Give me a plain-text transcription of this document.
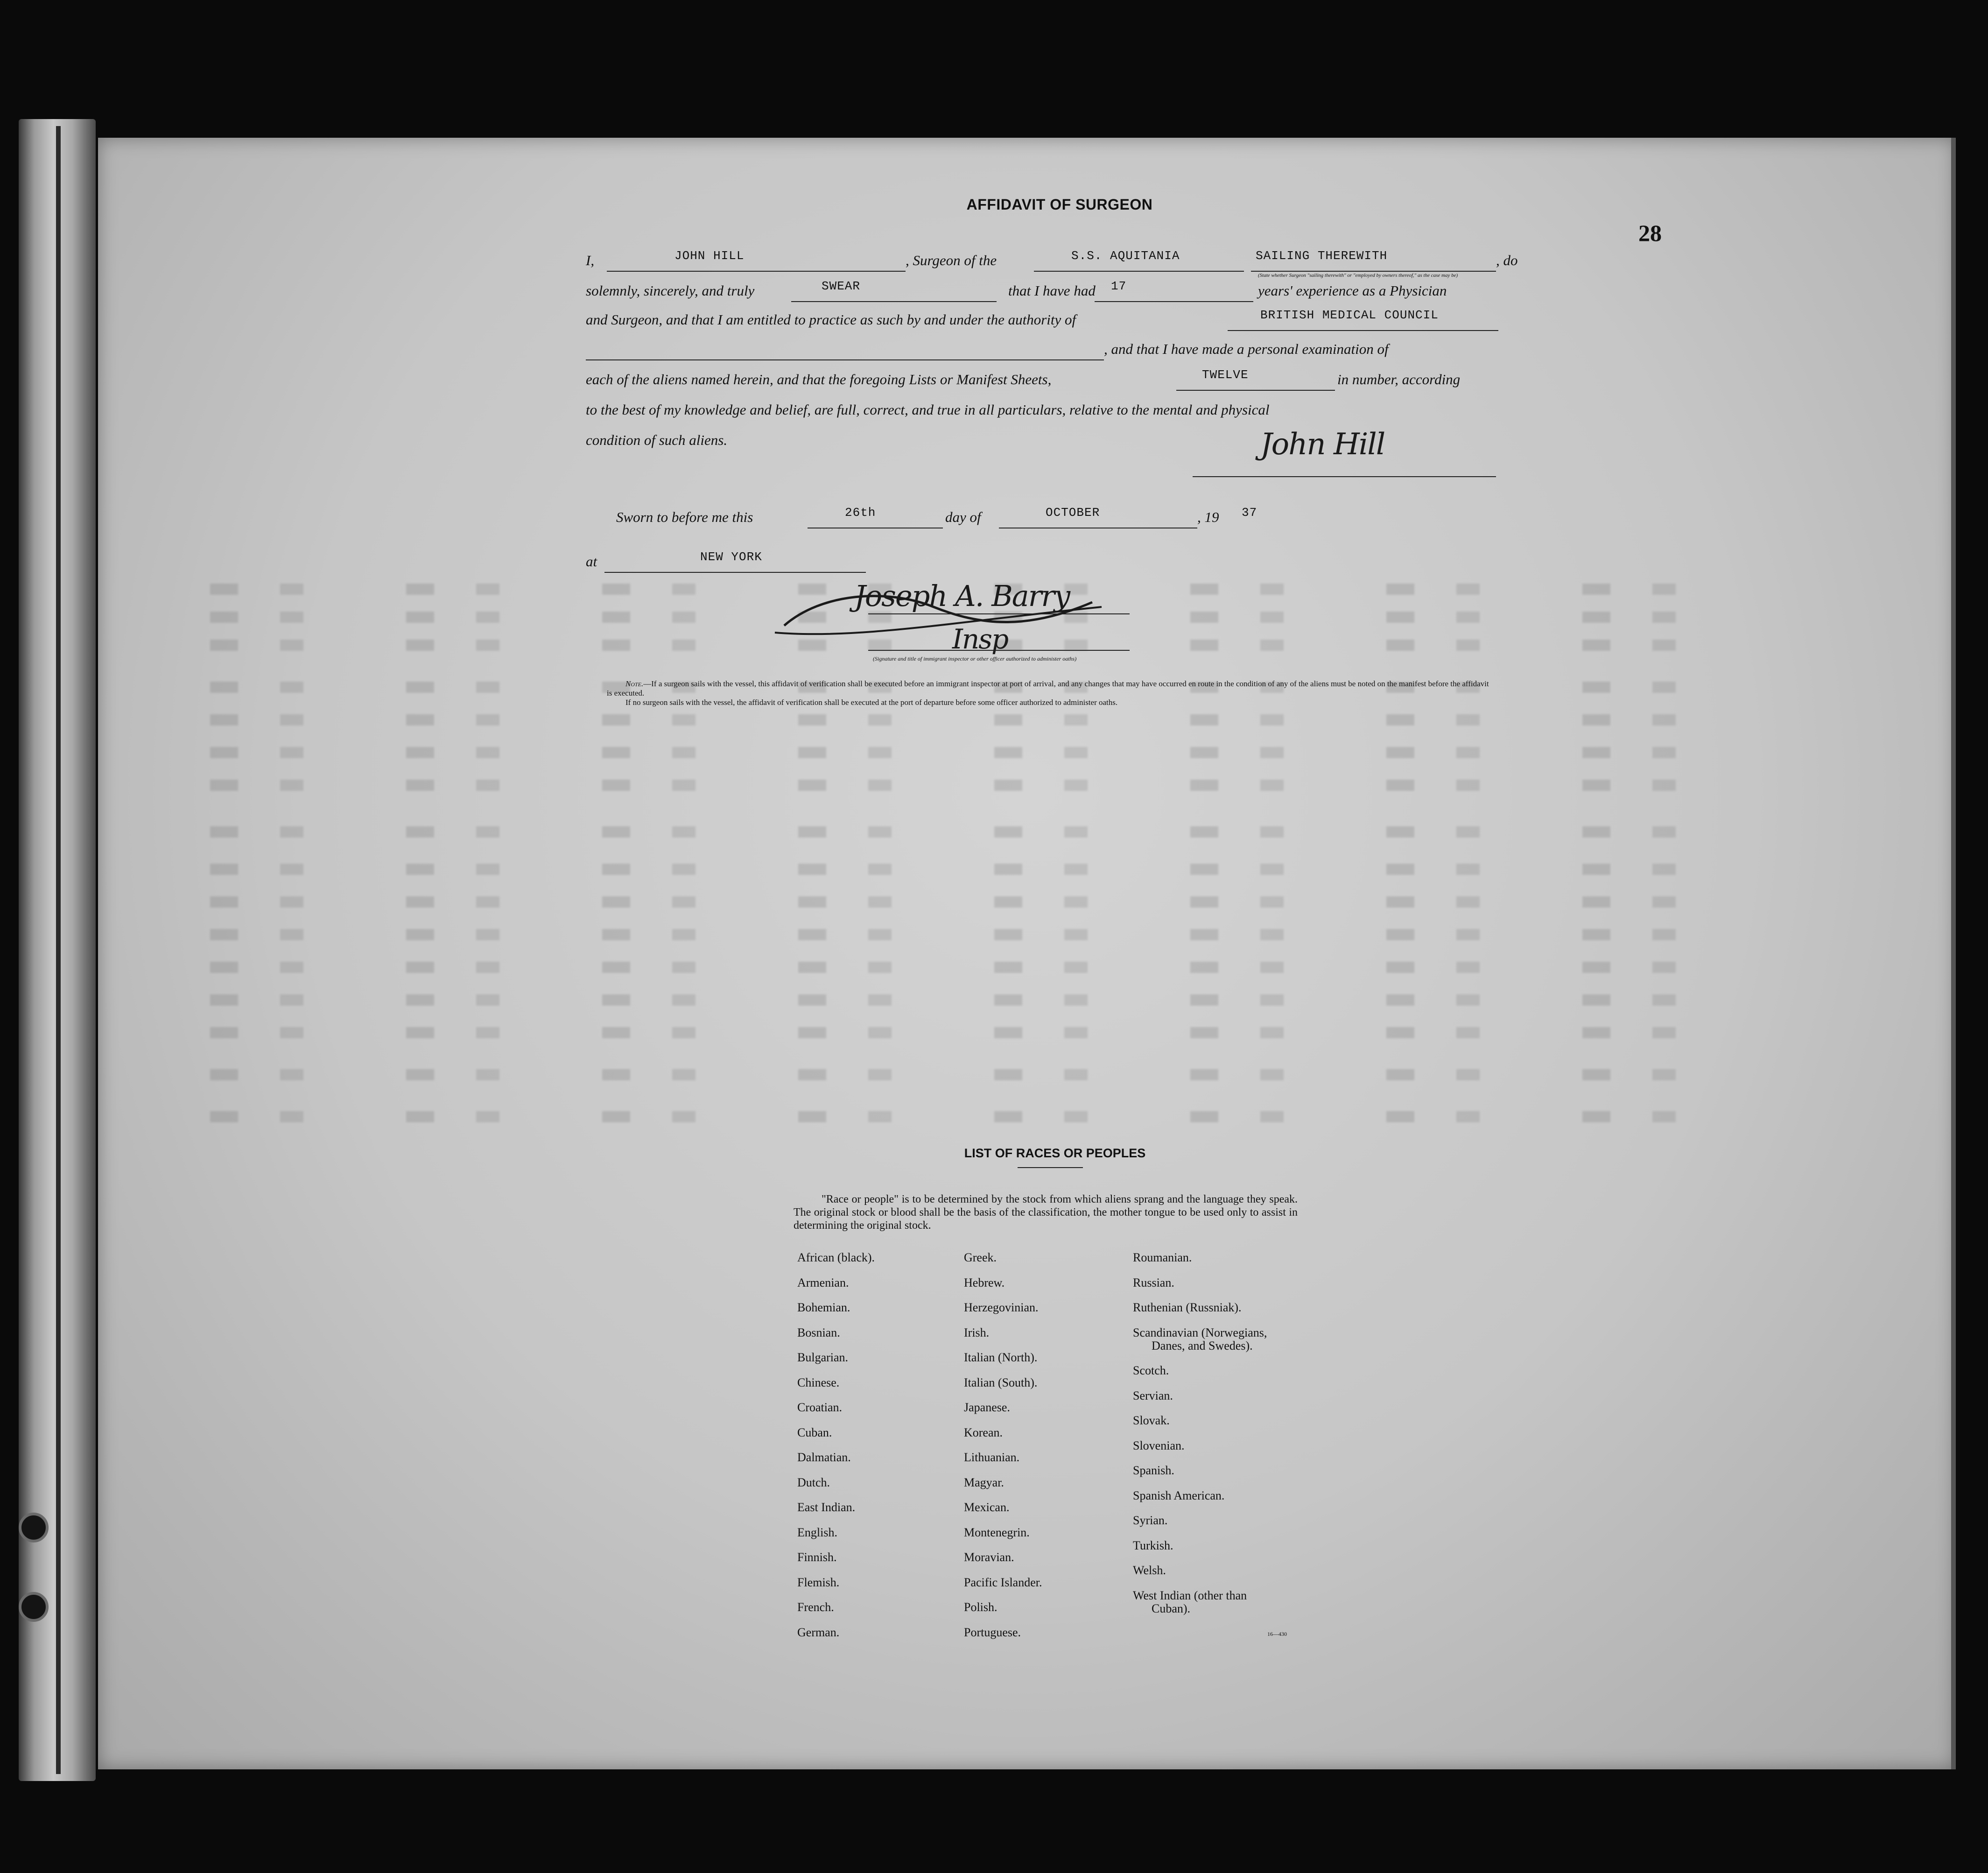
28
AFFIDAVIT OF SURGEON
I,	JOHN HILL	, Surgeon of the	S.S. AQUITANIA	SAILING THEREWITH	, do
(State whether Surgeon "sailing therewith" or "employed by owners thereof," as the case may be)
solemnly, sincerely, and truly	SWEAR	that I have had 17	years' experience as a Physician
and Surgeon, and that I am entitled to practice as such by and under the authority of	BRITISH MEDICAL COUNCIL
, and that I have made a personal examination of
each of the aliens named herein, and that the foregoing Lists or Manifest Sheets,	TWELVE	in number, according
to the best of my knowledge and belief, are full, correct, and true in all particulars, relative to the mental and physical
condition of such aliens.	John Hill
Sworn to before me this	26th	day of	OCTOBER	, 19 37
at	NEW YORK
Joseph A. Barry
Insp
(Signature and title of immigrant inspector or other officer authorized to administer oaths)
Note.—If a surgeon sails with the vessel, this affidavit of verification shall be executed before an immigrant inspector at port of arrival, and any changes that may have occurred en route in the condition of any of the aliens must be noted on the manifest before the affidavit is executed.
If no surgeon sails with the vessel, the affidavit of verification shall be executed at the port of departure before some officer authorized to administer oaths.
LIST OF RACES OR PEOPLES
"Race or people" is to be determined by the stock from which aliens sprang and the language they speak. The original stock or blood shall be the basis of the classification, the mother tongue to be used only to assist in determining the original stock.
African (black).
Armenian.
Bohemian.
Bosnian.
Bulgarian.
Chinese.
Croatian.
Cuban.
Dalmatian.
Dutch.
East Indian.
English.
Finnish.
Flemish.
French.
German.
Greek.
Hebrew.
Herzegovinian.
Irish.
Italian (North).
Italian (South).
Japanese.
Korean.
Lithuanian.
Magyar.
Mexican.
Montenegrin.
Moravian.
Pacific Islander.
Polish.
Portuguese.
Roumanian.
Russian.
Ruthenian (Russniak).
Scandinavian (Norwegians,
Danes, and Swedes).
Scotch.
Servian.
Slovak.
Slovenian.
Spanish.
Spanish American.
Syrian.
Turkish.
Welsh.
West Indian (other than
Cuban).
16—430
